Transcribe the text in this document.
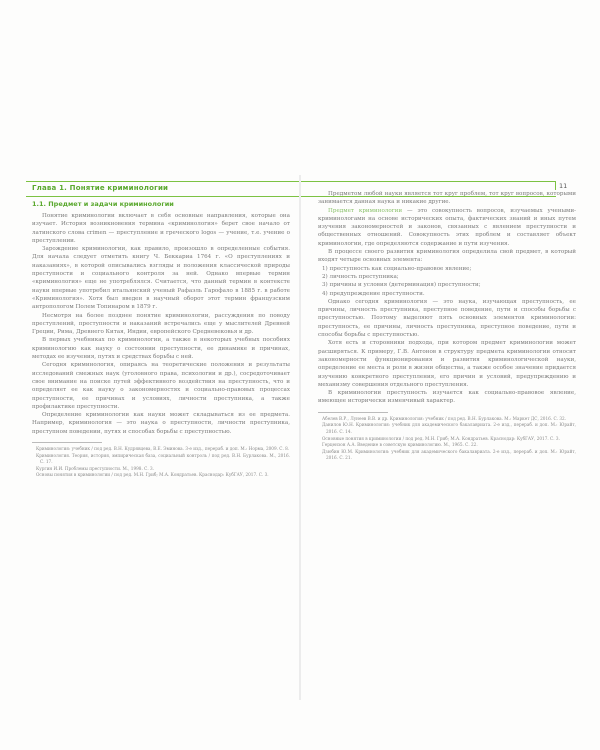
Глава 1. Понятие криминологии	11
1.1. Предмет и задачи криминологии

Понятие криминологии включает в себя основные направления, которые она изучает. История возникновения термина «криминология» берет свое начало от латинского слова crimen — преступление и греческого logos — учение, т.е. учение о преступлении.

Зарождение криминологии, как правило, произошло в определенные события. Для начала следует отметить книгу Ч. Беккариа 1764 г. «О преступлениях и наказаниях», в которой описывались взгляды и положения классической природы преступности и социального контроля за ней. Однако впервые термин «криминология» еще не употреблялся. Считается, что данный термин в контексте науки впервые употребил итальянский ученый Рафаэль Гарофало в 1885 г. в работе «Криминология». Хотя был введен в научный оборот этот термин французским антропологом Полем Топинаром в 1879 г.

Несмотря на более позднее понятие криминологии, рассуждения по поводу преступлений, преступности и наказаний встречались еще у мыслителей Древней Греции, Рима, Древнего Китая, Индии, европейского Средневековья и др.

В первых учебниках по криминологии, а также в некоторых учебных пособиях криминологию как науку о состоянии преступности, ее динамике и причинах, методах ее изучения, путях и средствах борьбы с ней.

Сегодня криминология, опираясь на теоретические положения и результаты исследований смежных наук (уголовного права, психологии и др.), сосредоточивает свое внимание на поиске путей эффективного воздействия на преступность, что и определяет ее как науку о закономерностях и социально-правовых процессах преступности, ее причинах и условиях, личности преступника, а также профилактике преступности.

Определение криминологии как науки может складываться из ее предмета. Например, криминология — это наука о преступности, личности преступника, преступном поведении, путях и способах борьбы с преступностью.

Криминология: учебник / под ред. В.Н. Кудрявцева, В.Е. Эминова. 3-е изд., перераб. и доп. М.: Норма, 2009. С. 8.

Криминология. Теория, история, эмпирическая база, социальный контроль / под ред. В.Н. Бурлакова. М., 2016. С. 17.

Кургин И.И. Проблемы преступности. М., 1998. С. 3.

Основы понятия в криминологии / под ред. М.Н. Гриб; М.А. Кондратьев. Краснодар: КубГАУ, 2017. С. 3.

Предметом любой науки является тот круг проблем, тот круг вопросов, которыми занимается данная наука и никакие другие.

Предмет криминологии — это совокупность вопросов, изучаемых учеными-криминологами на основе исторических опыта, фактических знаний и иных путем изучения закономерностей и законов, связанных с явлением преступности и общественных отношений. Совокупность этих проблем и составляет объект криминологии, где определяются содержание и пути изучения.

В процессе своего развития криминология определила свой предмет, в который входят четыре основных элемента:

1) преступность как социально-правовое явление;

2) личность преступника;

3) причины и условия (детерминация) преступности;

4) предупреждение преступности.

Однако сегодня криминология — это наука, изучающая преступность, ее причины, личность преступника, преступное поведение, пути и способы борьбы с преступностью. Поэтому выделяют пять основных элементов криминологии: преступность, ее причины, личность преступника, преступное поведение, пути и способы борьбы с преступностью.

Хотя есть и сторонники подхода, при котором предмет криминологии может расширяться. К примеру, Г.В. Антонов в структуру предмета криминологии относит закономерности функционирования и развития криминологической науки, определение ее места и роли в жизни общества, а также особое значение придается изучению конкретного преступления, его причин и условий, предупреждению и механизму совершения отдельного преступления.

В криминологии преступность изучается как социально-правовое явление, имеющее исторически изменчивый характер.

Абелев В.Р., Лунеев В.В. и др. Криминология: учебник / под ред. В.Н. Бурлакова. М.: Маркет ДС, 2016. С. 32.

Данилов Ю.Н. Криминология: учебник для академического бакалавриата. 2-е изд., перераб. и доп. М.: Юрайт, 2016. С. 14.

Основные понятия в криминологии / под ред. М.Н. Гриб; М.А. Кондратьев. Краснодар: КубГАУ, 2017. С. 3.

Герцензон А.А. Введение в советскую криминологию. М., 1965. С. 22.

Дзюбин Ю.М. Криминология: учебник для академического бакалавриата. 2-е изд., перераб. и доп. М.: Юрайт, 2016. С. 21.
